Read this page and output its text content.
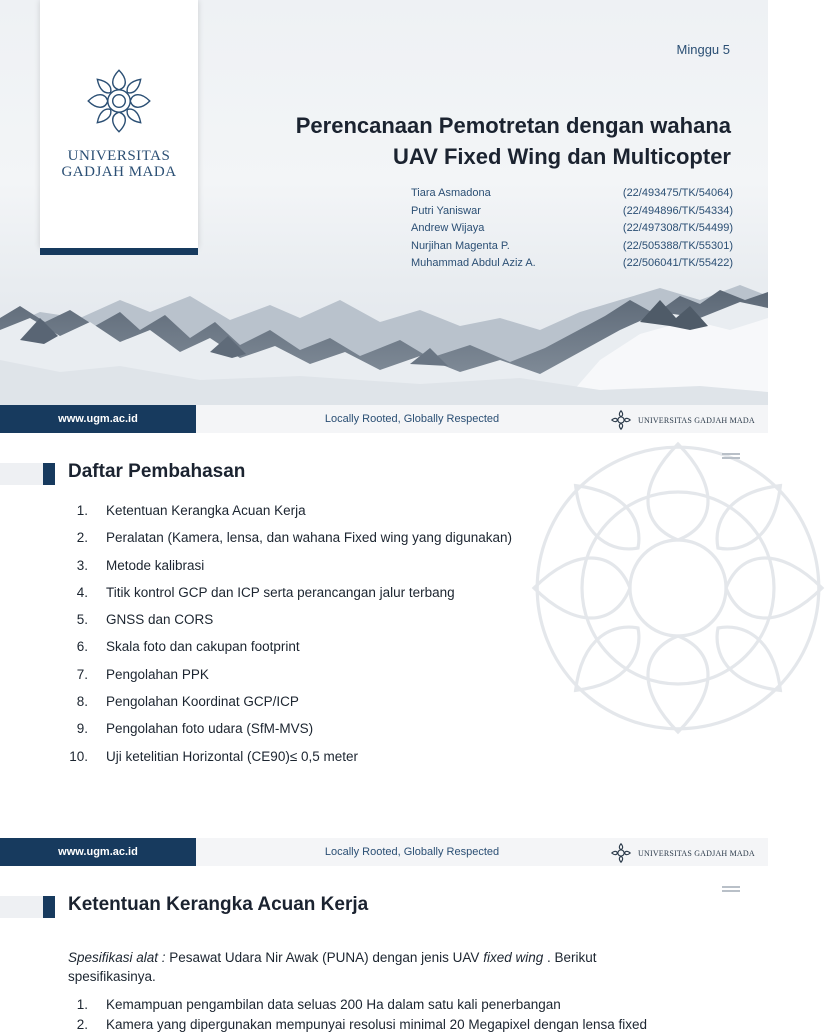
UNIVERSITAS
GADJAH MADA
Minggu 5
Perencanaan Pemotretan dengan wahana
UAV Fixed Wing dan Multicopter
Tiara Asmadona	(22/493475/TK/54064)
Putri Yaniswar	(22/494896/TK/54334)
Andrew Wijaya	(22/497308/TK/54499)
Nurjihan Magenta P.	(22/505388/TK/55301)
Muhammad Abdul Aziz A.	(22/506041/TK/55422)
www.ugm.ac.id	Locally Rooted, Globally Respected	UNIVERSITAS GADJAH MADA
Daftar Pembahasan
1. Ketentuan Kerangka Acuan Kerja
2. Peralatan (Kamera, lensa, dan wahana Fixed wing yang digunakan)
3. Metode kalibrasi
4. Titik kontrol GCP dan ICP serta perancangan jalur terbang
5. GNSS dan CORS
6. Skala foto dan cakupan footprint
7. Pengolahan PPK
8. Pengolahan Koordinat GCP/ICP
9. Pengolahan foto udara (SfM-MVS)
10. Uji ketelitian Horizontal (CE90)≤ 0,5 meter
www.ugm.ac.id	Locally Rooted, Globally Respected	UNIVERSITAS GADJAH MADA
Ketentuan Kerangka Acuan Kerja
Spesifikasi alat : Pesawat Udara Nir Awak (PUNA) dengan jenis UAV fixed wing . Berikut spesifikasinya.
1. Kemampuan pengambilan data seluas 200 Ha dalam satu kali penerbangan
2. Kamera yang dipergunakan mempunyai resolusi minimal 20 Megapixel dengan lensa fixed
